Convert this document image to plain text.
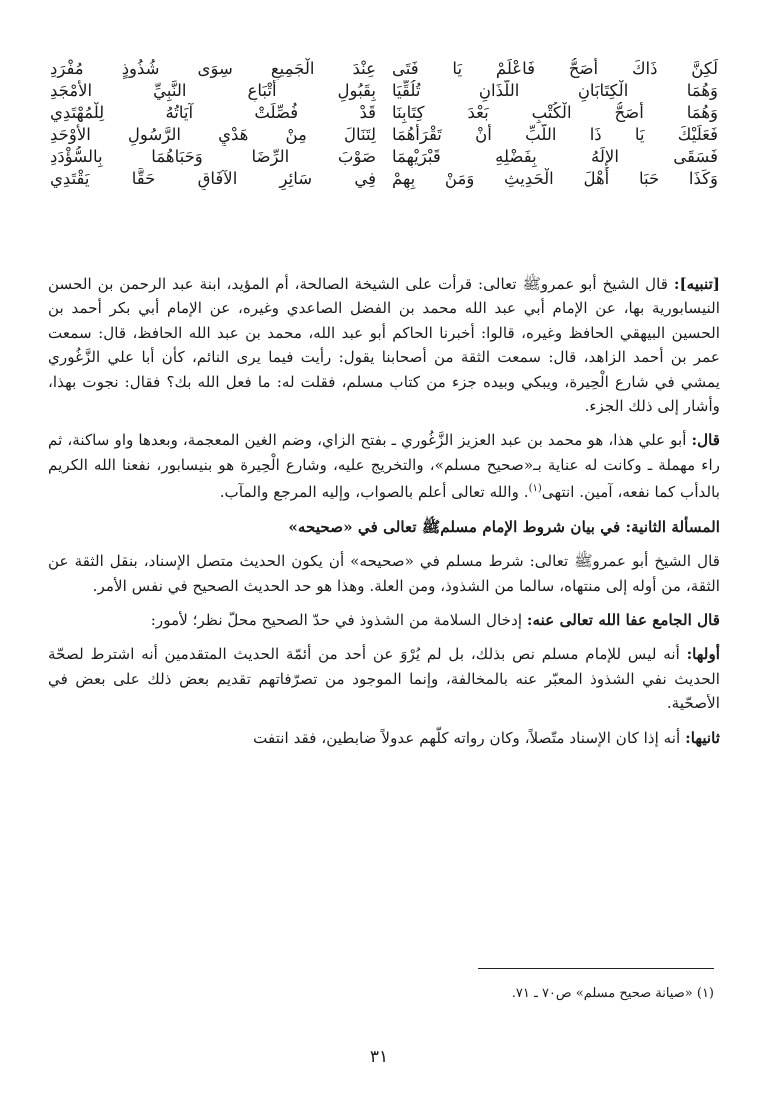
لَكِنَّ ذَاكَ أَصَحُّ فَاعْلَمْ يَا فَتَى
عِنْدَ الْجَمِيعِ سِوَى شُذُوذٍ مُفْرَدِ
وَهُمَا الْكِتَابَانِ اللَّذَانِ تُلُقِّيَا
بِقَبُولِ أَتْبَاعِ النَّبِيِّ الأَمْجَدِ
وَهُمَا أَصَحُّ الْكُتْبِ بَعْدَ كِتَابِنَا
قَدْ فُصِّلَتْ آيَاتُهُ لِلْمُهْتَدِي
فَعَلَيْكَ يَا ذَا اللُّبِّ أَنْ تَقْرَأَهُمَا
لِتَنَالَ مِنْ هَدْيِ الرَّسُولِ الأَوْحَدِ
فَسَقَى الإِلَهُ بِفَضْلِهِ قَبْرَيْهِمَا
صَوْبَ الرِّضَا وَحَبَاهُمَا بِالسُّؤْدَدِ
وَكَذَا حَبَا أَهْلَ الْحَدِيثِ وَمَنْ بِهِمْ
فِي سَائِرِ الآفَاقِ حَقًّا يَقْتَدِي

[تنبيه]: قال الشيخ أبو عمروﷺ تعالى: قرأت على الشيخة الصالحة، أم المؤيد، ابنة عبد الرحمن بن الحسن النيسابورية بها، عن الإمام أبي عبد الله محمد بن الفضل الصاعدي وغيره، عن الإمام أبي بكر أحمد بن الحسين البيهقي الحافظ وغيره، قالوا: أخبرنا الحاكم أبو عبد الله، محمد بن عبد الله الحافظ، قال: سمعت عمر بن أحمد الزاهد، قال: سمعت الثقة من أصحابنا يقول: رأيت فيما يرى النائم، كأن أبا علي الزَّغُوري يمشي في شارع الْحِيرة، ويبكي وبيده جزء من كتاب مسلم، فقلت له: ما فعل الله بك؟ فقال: نجوت بهذا، وأشار إلى ذلك الجزء.

قال: أبو علي هذا، هو محمد بن عبد العزيز الزَّغُوري ـ بفتح الزاي، وضم الغين المعجمة، وبعدها واو ساكنة، ثم راء مهملة ـ وكانت له عناية بـ«صحيح مسلم»، والتخريج عليه، وشارع الْحِيرة هو بنيسابور، نفعنا الله الكريم بالدأب كما نفعه، آمين. انتهى$^{(١)}$. والله تعالى أعلم بالصواب، وإليه المرجع والمآب.

المسألة الثانية: في بيان شروط الإمام مسلمﷺ تعالى في «صحيحه»

قال الشيخ أبو عمروﷺ تعالى: شرط مسلم في «صحيحه» أن يكون الحديث متصل الإسناد، بنقل الثقة عن الثقة، من أوله إلى منتهاه، سالما من الشذوذ، ومن العلة. وهذا هو حد الحديث الصحيح في نفس الأمر.

قال الجامع عفا الله تعالى عنه: إدخال السلامة من الشذوذ في حدّ الصحيح محلّ نظر؛ لأمور:

أولها: أنه ليس للإمام مسلم نص بذلك، بل لم يُرْوَ عن أحد من أئمّة الحديث المتقدمين أنه اشترط لصحّة الحديث نفي الشذوذ المعبّر عنه بالمخالفة، وإنما الموجود من تصرّفاتهم تقديم بعض ذلك على بعض في الأصحّية.

ثانيها: أنه إذا كان الإسناد متّصلاً، وكان رواته كلّهم عدولاً ضابطين، فقد انتفت

(١) «صيانة صحيح مسلم» ص٧٠ ـ ٧١.
٣١
